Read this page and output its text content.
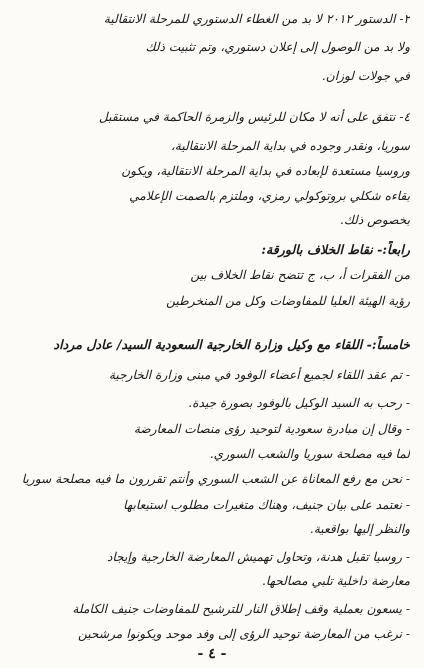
٢- الدستور ٢٠١٢ لا بد من الغطاء الدستوري للمرحلة الانتقالية
ولا بد من الوصول إلى إعلان دستوري، وتم تثبيت ذلك
في جولات لوزان.
٤- نتفق على أنه لا مكان للرئيس والزمرة الحاكمة في مستقبل
سوريا، ونقدر وجوده في بداية المرحلة الانتقالية،
وروسيا مستعدة لإبعاده في بداية المرحلة الانتقالية، ويكون
بقاءه شكلي بروتوكولي رمزي، وملتزم بالصمت الإعلامي
بخصوص ذلك.
رابعاً:- نقاط الخلاف بالورقة:
من الفقرات أ، ب، ج تتضح نقاط الخلاف بين
رؤية الهيئة العليا للمفاوضات وكل من المنخرطين
خامساً:- اللقاء مع وكيل وزارة الخارجية السعودية السيد/ عادل مرداد
- تم عقد اللقاء لجميع أعضاء الوفود في مبنى وزارة الخارجية
- رحب به السيد الوكيل بالوفود بصورة جيدة.
- وقال إن مبادرة سعودية لتوحيد رؤى منصات المعارضة
لما فيه مصلحة سوريا والشعب السوري.
- نحن مع رفع المعاناة عن الشعب السوري وأنتم تقررون ما فيه مصلحة سوريا
- نعتمد على بيان جنيف، وهناك متغيرات مطلوب استيعابها
والنظر إليها بواقعية.
- روسيا تقبل هدنة، وتحاول تهميش المعارضة الخارجية وإيجاد
معارضة داخلية تلبي مصالحها.
- يسعون بعملية وقف إطلاق النار للترشيح للمفاوضات جنيف الكاملة
- نرغب من المعارضة توحيد الرؤى إلى وفد موحد ويكونوا مرشحين
- ٤ -
